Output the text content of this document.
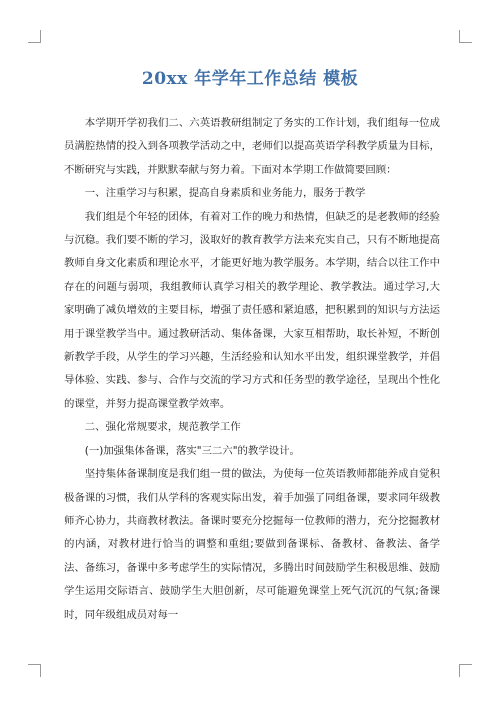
20xx 年学年工作总结 模板

本学期开学初我们二、六英语教研组制定了务实的工作计划，我们组每一位成员满腔热情的投入到各项教学活动之中，老师们以提高英语学科教学质量为目标，不断研究与实践，并默默奉献与努力着。下面对本学期工作做简要回顾：

一、注重学习与积累，提高自身素质和业务能力，服务于教学

我们组是个年轻的团体，有着对工作的晚力和热情，但缺乏的是老教师的经验与沉稳。我们要不断的学习，汲取好的教育教学方法来充实自己，只有不断地提高教师自身文化素质和理论水平，才能更好地为教学服务。本学期，结合以往工作中存在的问题与弱项，我组教师认真学习相关的教学理论、教学教法。通过学习,大家明确了减负增效的主要目标，增强了责任感和紧迫感，把积累到的知识与方法运用于课堂教学当中。通过教研活动、集体备课，大家互相帮助，取长补短，不断创新教学手段，从学生的学习兴趣，生活经验和认知水平出发，组织课堂教学，并倡导体验、实践、参与、合作与交流的学习方式和任务型的教学途径，呈现出个性化的课堂，并努力提高课堂教学效率。

二、强化常规要求，规范教学工作

(一)加强集体备课，落实"三二六"的教学设计。

坚持集体备课制度是我们组一贯的做法，为使每一位英语教师都能养成自觉积极备课的习惯，我们从学科的客观实际出发，着手加强了同组备课，要求同年级教师齐心协力，共商教材教法。备课时要充分挖掘每一位教师的潜力，充分挖掘教材的内涵，对教材进行恰当的调整和重组;要做到备课标、备教材、备教法、备学法、备练习，备课中多考虑学生的实际情况，多腾出时间鼓励学生积极思维、鼓励学生运用交际语言、鼓励学生大胆创新，尽可能避免课堂上死气沉沉的气氛;备课时，同年级组成员对每一
